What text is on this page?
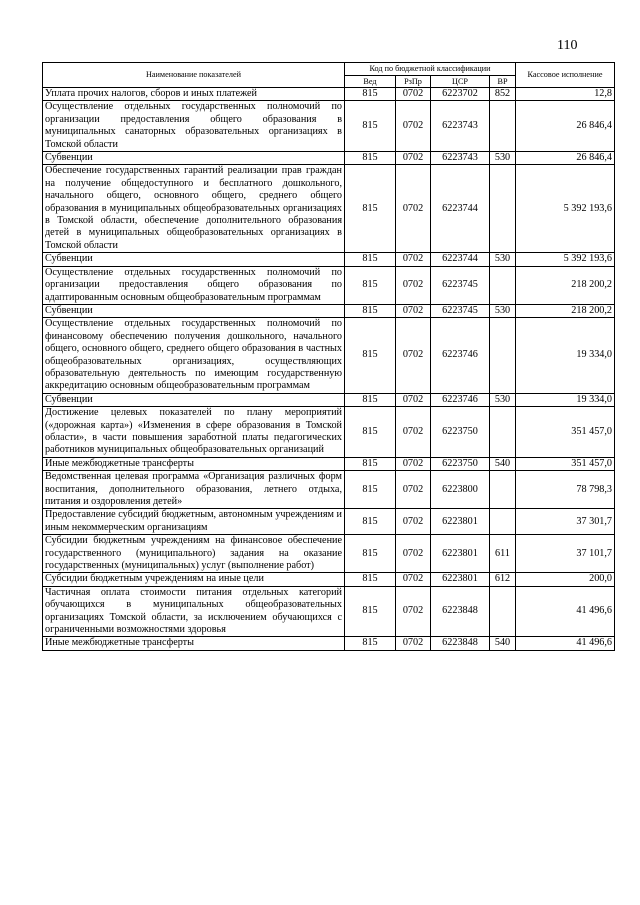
110
Наименование показателей	Код по бюджетной классификации				Кассовое исполнение
	Вед	РзПр	ЦСР	ВР	
Уплата прочих налогов, сборов и иных платежей	815	0702	6223702	852	12,8
Осуществление отдельных государственных полномочий по организации предоставления общего образования в муниципальных санаторных образовательных организациях в Томской области	815	0702	6223743		26 846,4
Субвенции	815	0702	6223743	530	26 846,4
Обеспечение государственных гарантий реализации прав граждан на получение общедоступного и бесплатного дошкольного, начального общего, основного общего, среднего общего образования в муниципальных общеобразовательных организациях в Томской области, обеспечение дополнительного образования детей в муниципальных общеобразовательных организациях в Томской области	815	0702	6223744		5 392 193,6
Субвенции	815	0702	6223744	530	5 392 193,6
Осуществление отдельных государственных полномочий по организации предоставления общего образования по адаптированным основным общеобразовательным программам	815	0702	6223745		218 200,2
Субвенции	815	0702	6223745	530	218 200,2
Осуществление отдельных государственных полномочий по финансовому обеспечению получения дошкольного, начального общего, основного общего, среднего общего образования в частных общеобразовательных организациях, осуществляющих образовательную деятельность по имеющим государственную аккредитацию основным общеобразовательным программам	815	0702	6223746		19 334,0
Субвенции	815	0702	6223746	530	19 334,0
Достижение целевых показателей по плану мероприятий («дорожная карта») «Изменения в сфере образования в Томской области», в части повышения заработной платы педагогических работников муниципальных общеобразовательных организаций	815	0702	6223750		351 457,0
Иные межбюджетные трансферты	815	0702	6223750	540	351 457,0
Ведомственная целевая программа «Организация различных форм воспитания, дополнительного образования, летнего отдыха, питания и оздоровления детей»	815	0702	6223800		78 798,3
Предоставление субсидий бюджетным, автономным учреждениям и иным некоммерческим организациям	815	0702	6223801		37 301,7
Субсидии бюджетным учреждениям на финансовое обеспечение государственного (муниципального) задания на оказание государственных (муниципальных) услуг (выполнение работ)	815	0702	6223801	611	37 101,7
Субсидии бюджетным учреждениям на иные цели	815	0702	6223801	612	200,0
Частичная оплата стоимости питания отдельных категорий обучающихся в муниципальных общеобразовательных организациях Томской области, за исключением обучающихся с ограниченными возможностями здоровья	815	0702	6223848		41 496,6
Иные межбюджетные трансферты	815	0702	6223848	540	41 496,6
